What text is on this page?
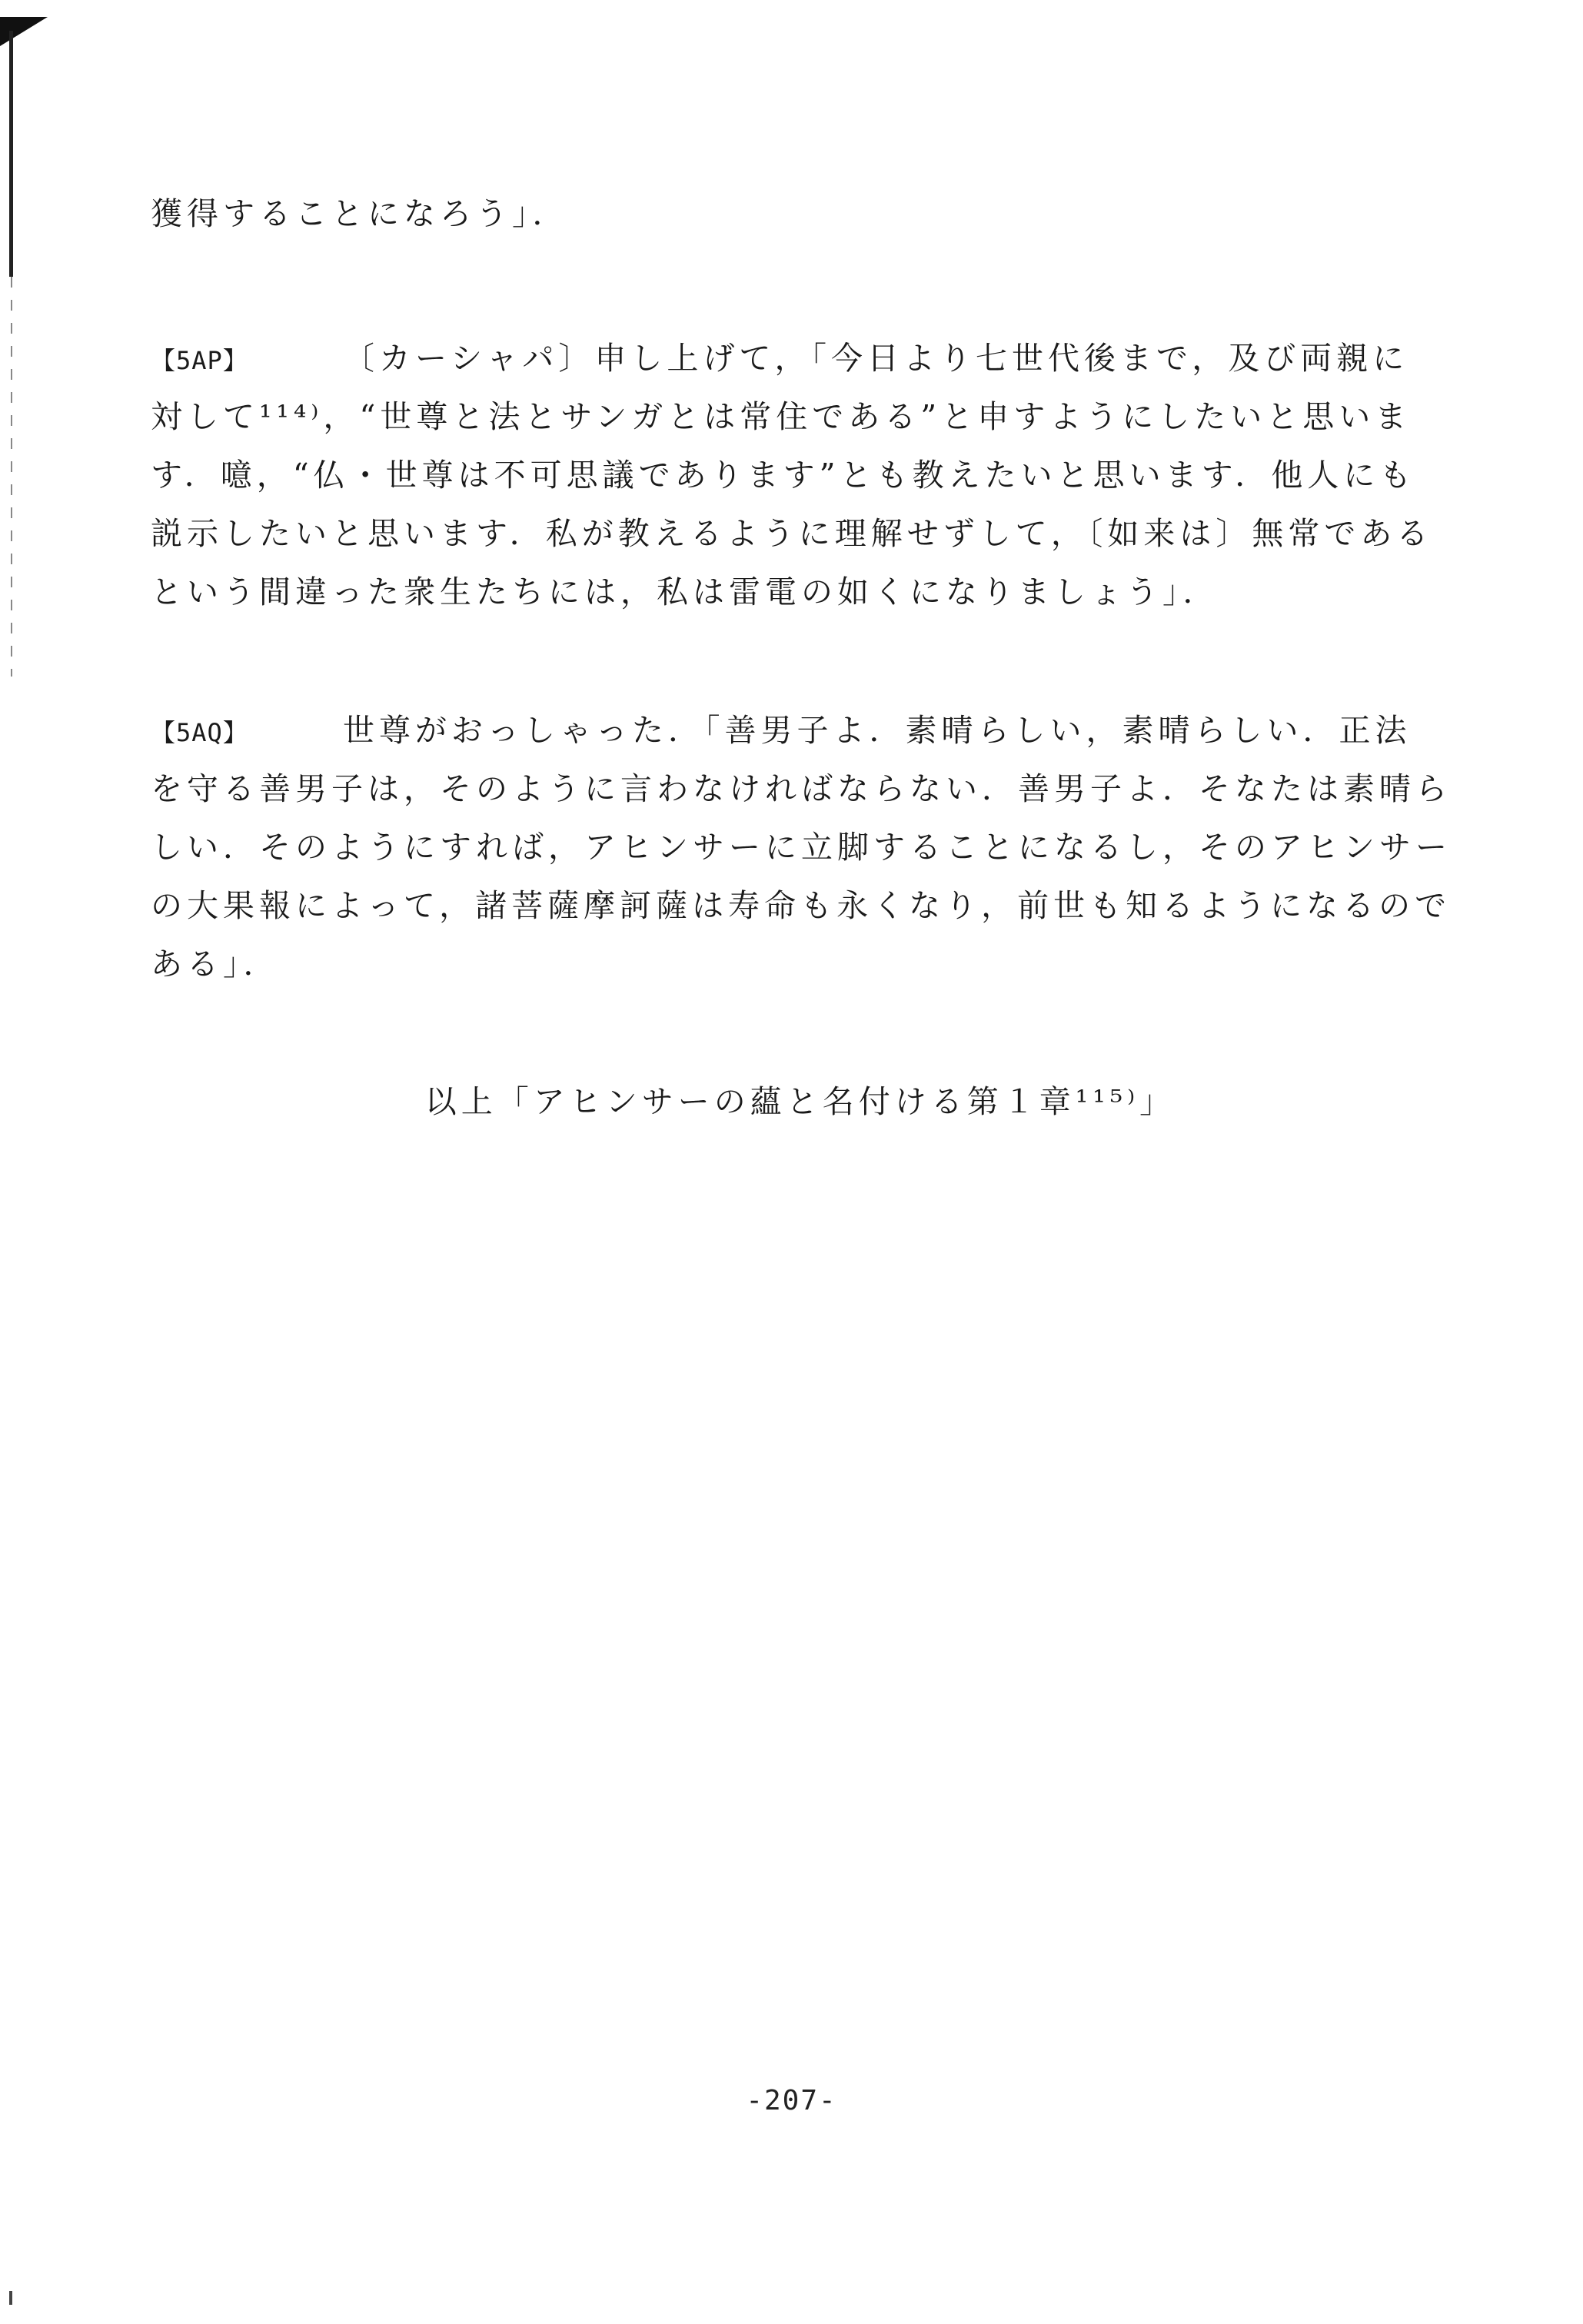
獲得することになろう」．
【5AP】	〔カーシャパ〕申し上げて，「今日より七世代後まで，及び両親に
対して¹¹⁴⁾，“世尊と法とサンガとは常住である”と申すようにしたいと思いま
す．噫，“仏・世尊は不可思議であります”とも教えたいと思います．他人にも
説示したいと思います．私が教えるように理解せずして，〔如来は〕無常である
という間違った衆生たちには，私は雷電の如くになりましょう」．
【5AQ】	世尊がおっしゃった．「善男子よ．素晴らしい，素晴らしい．正法
を守る善男子は，そのように言わなければならない．善男子よ．そなたは素晴ら
しい．そのようにすれば，アヒンサーに立脚することになるし，そのアヒンサー
の大果報によって，諸菩薩摩訶薩は寿命も永くなり，前世も知るようになるので
ある」．
以上「アヒンサーの蘊と名付ける第１章¹¹⁵⁾」
-207-
